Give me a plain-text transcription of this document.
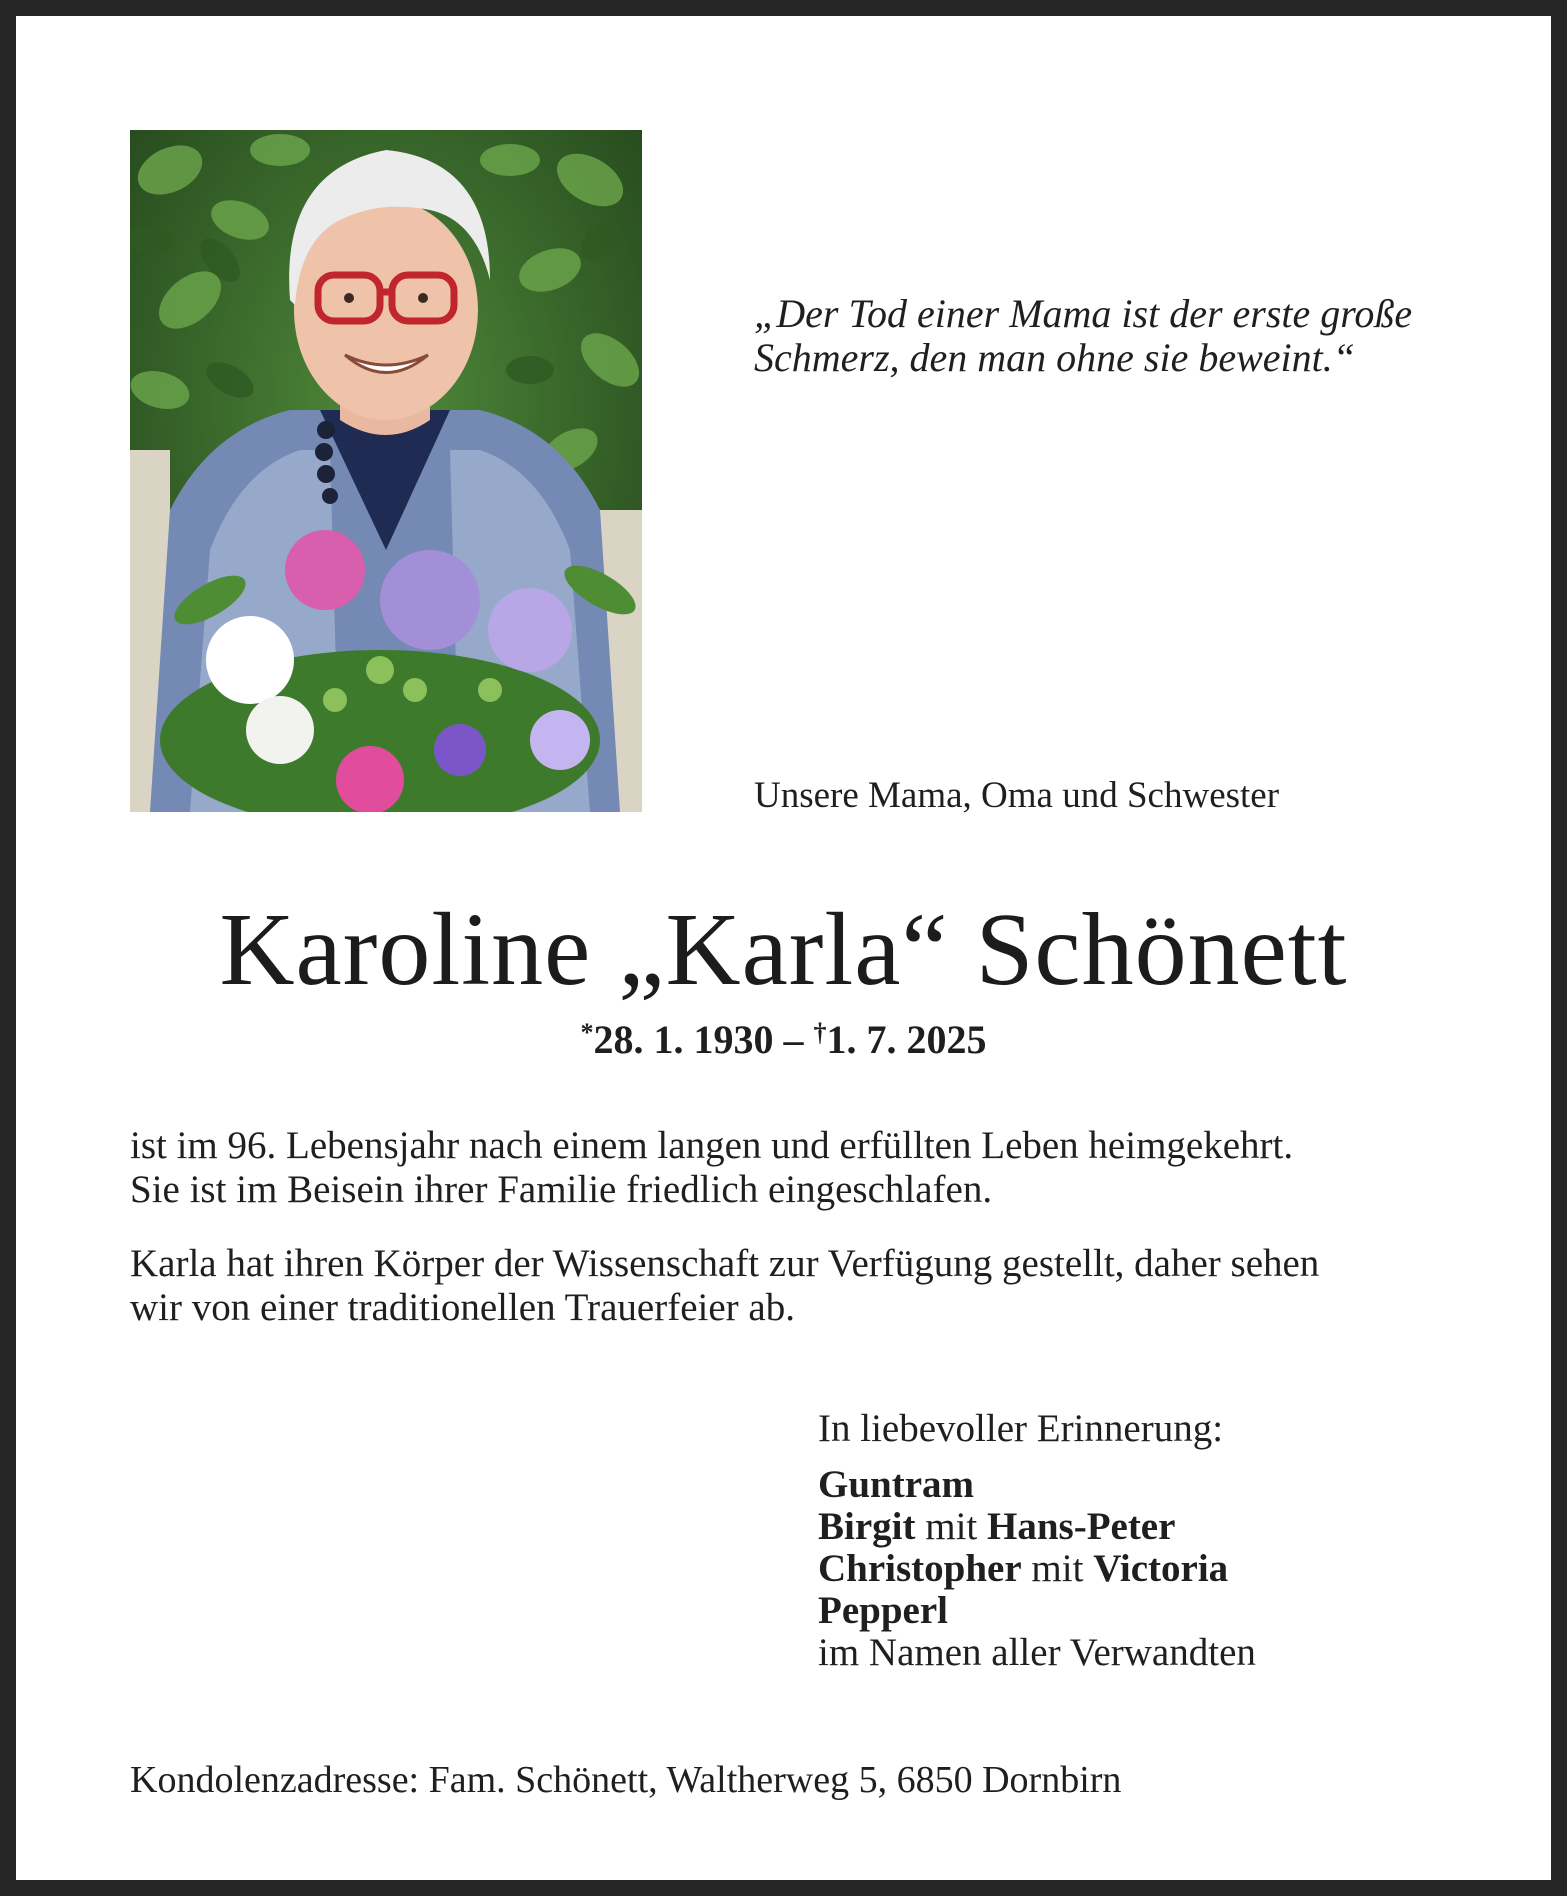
„Der Tod einer Mama ist der erste große
Schmerz, den man ohne sie beweint.“
Unsere Mama, Oma und Schwester
Karoline „Karla“ Schönett
*28. 1. 1930 – †1. 7. 2025
ist im 96. Lebensjahr nach einem langen und erfüllten Leben heimgekehrt.
Sie ist im Beisein ihrer Familie friedlich eingeschlafen.
Karla hat ihren Körper der Wissenschaft zur Verfügung gestellt, daher sehen
wir von einer traditionellen Trauerfeier ab.
In liebevoller Erinnerung:
Guntram
Birgit mit Hans-Peter
Christopher mit Victoria
Pepperl
im Namen aller Verwandten
Kondolenzadresse: Fam. Schönett, Waltherweg 5, 6850 Dornbirn
